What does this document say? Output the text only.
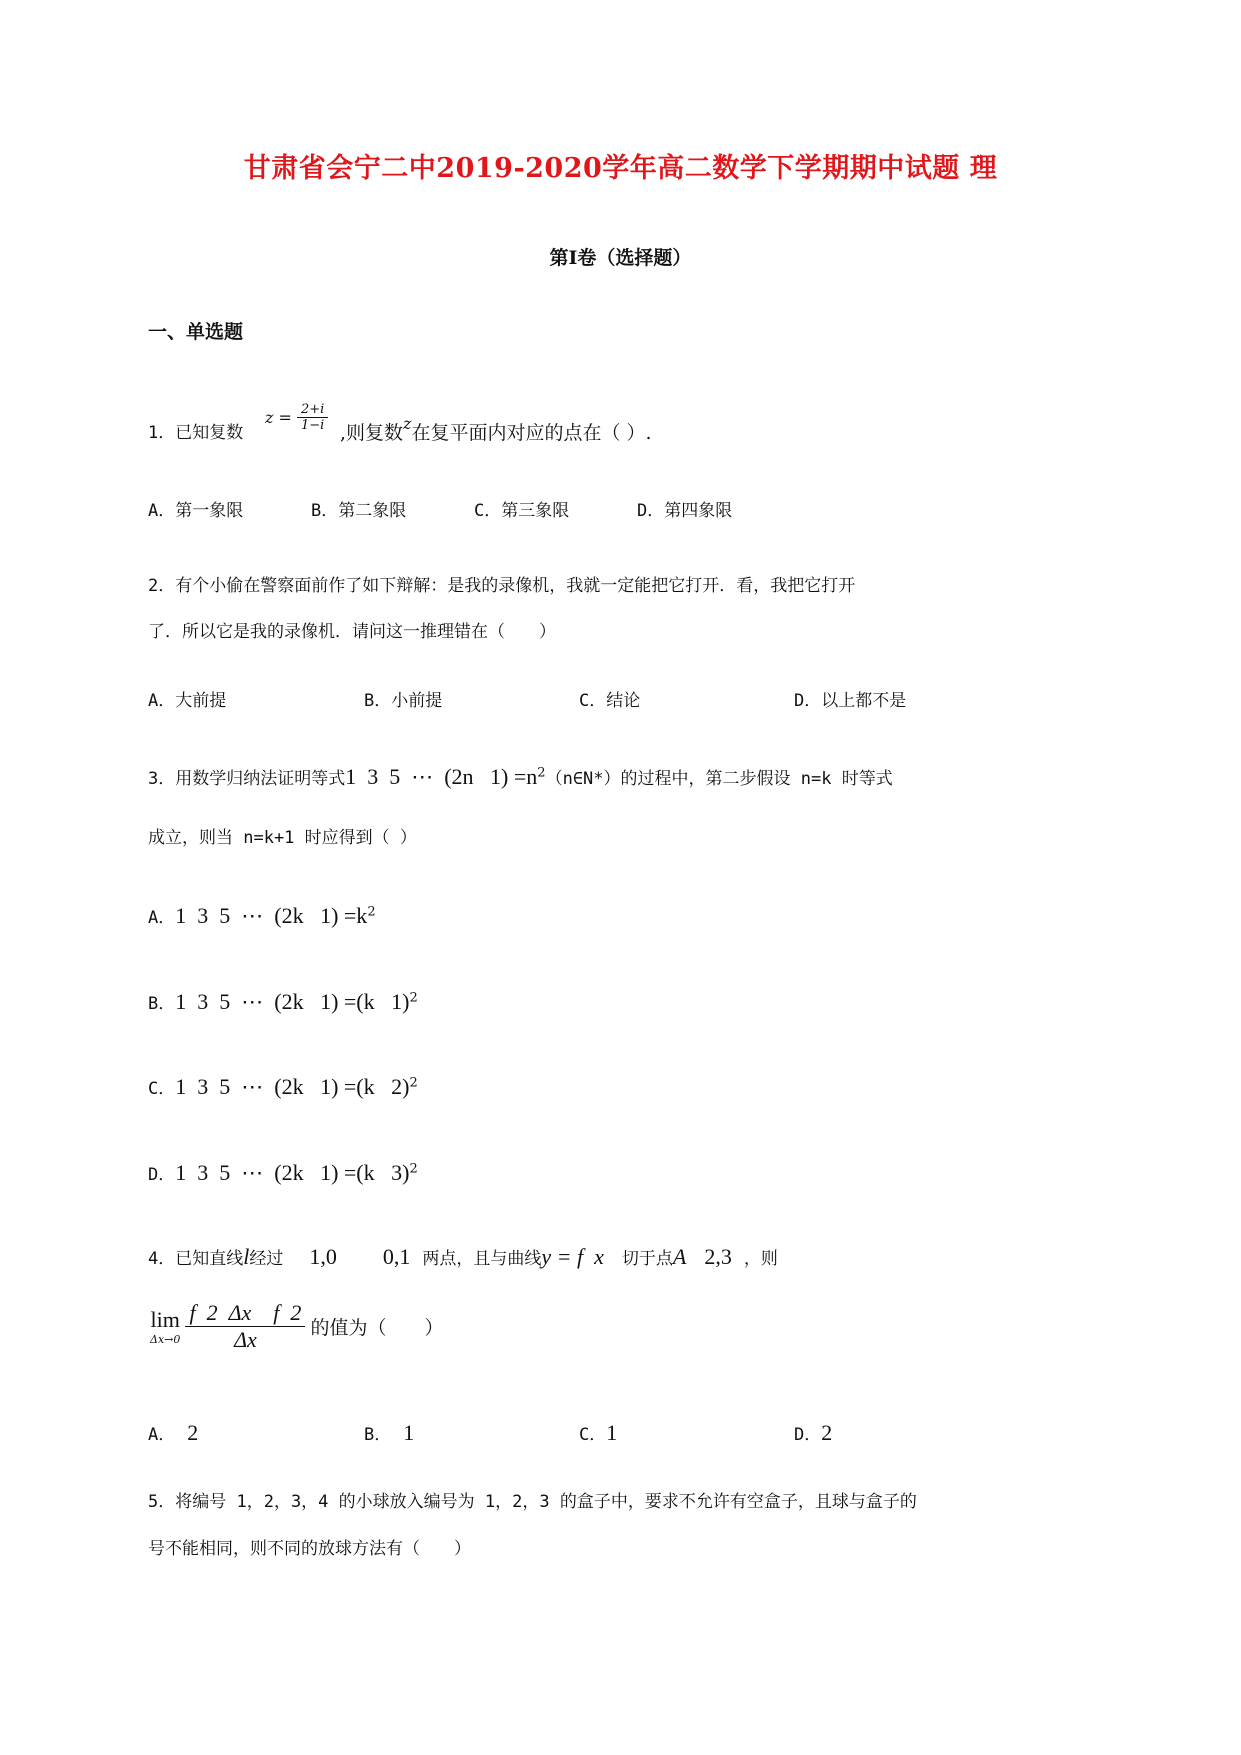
甘肃省会宁二中2019-2020学年高二数学下学期期中试题 理
第Ⅰ卷（选择题）
一、单选题
1．已知复数
$z = \frac{2+i}{1-i}$ ,则复数$^z$在复平面内对应的点在（ ）.
A．第一象限	B．第二象限	C．第三象限	D．第四象限
2．有个小偷在警察面前作了如下辩解：是我的录像机，我就一定能把它打开．看，我把它打开
了．所以它是我的录像机．请问这一推理错在（　　）
A．大前提	B．小前提	C．结论	D．以上都不是
3．用数学归纳法证明等式1  3  5  ⋯  (2n   $1) =n^2(n\in N*)$的过程中，第二步假设 n=k 时等式
成立，则当 n=k+1 时应得到（ ）
A．1  3  5  ⋯  (2k   $1) =k^2$
B．1  3  5  ⋯  (2k   1) =(k   1)$^2$
C．1  3  5  ⋯  (2k   1) =(k   2)$^2$
D．1  3  5  ⋯  (2k   1) =(k   3)$^2$
4．已知直线l经过 1,0 0,1 两点，且与曲线y = f  x 切于点A 2,3 ，则
lim
Δx→0
$\frac{\text{f  2  Δx    f  2}}{\Delta x}$ 的值为（　　）
A． 2	B． 1	C．1	D．2
5．将编号 1，2，3，4 的小球放入编号为 1，2，3 的盒子中，要求不允许有空盒子，且球与盒子的
号不能相同，则不同的放球方法有（　　）
